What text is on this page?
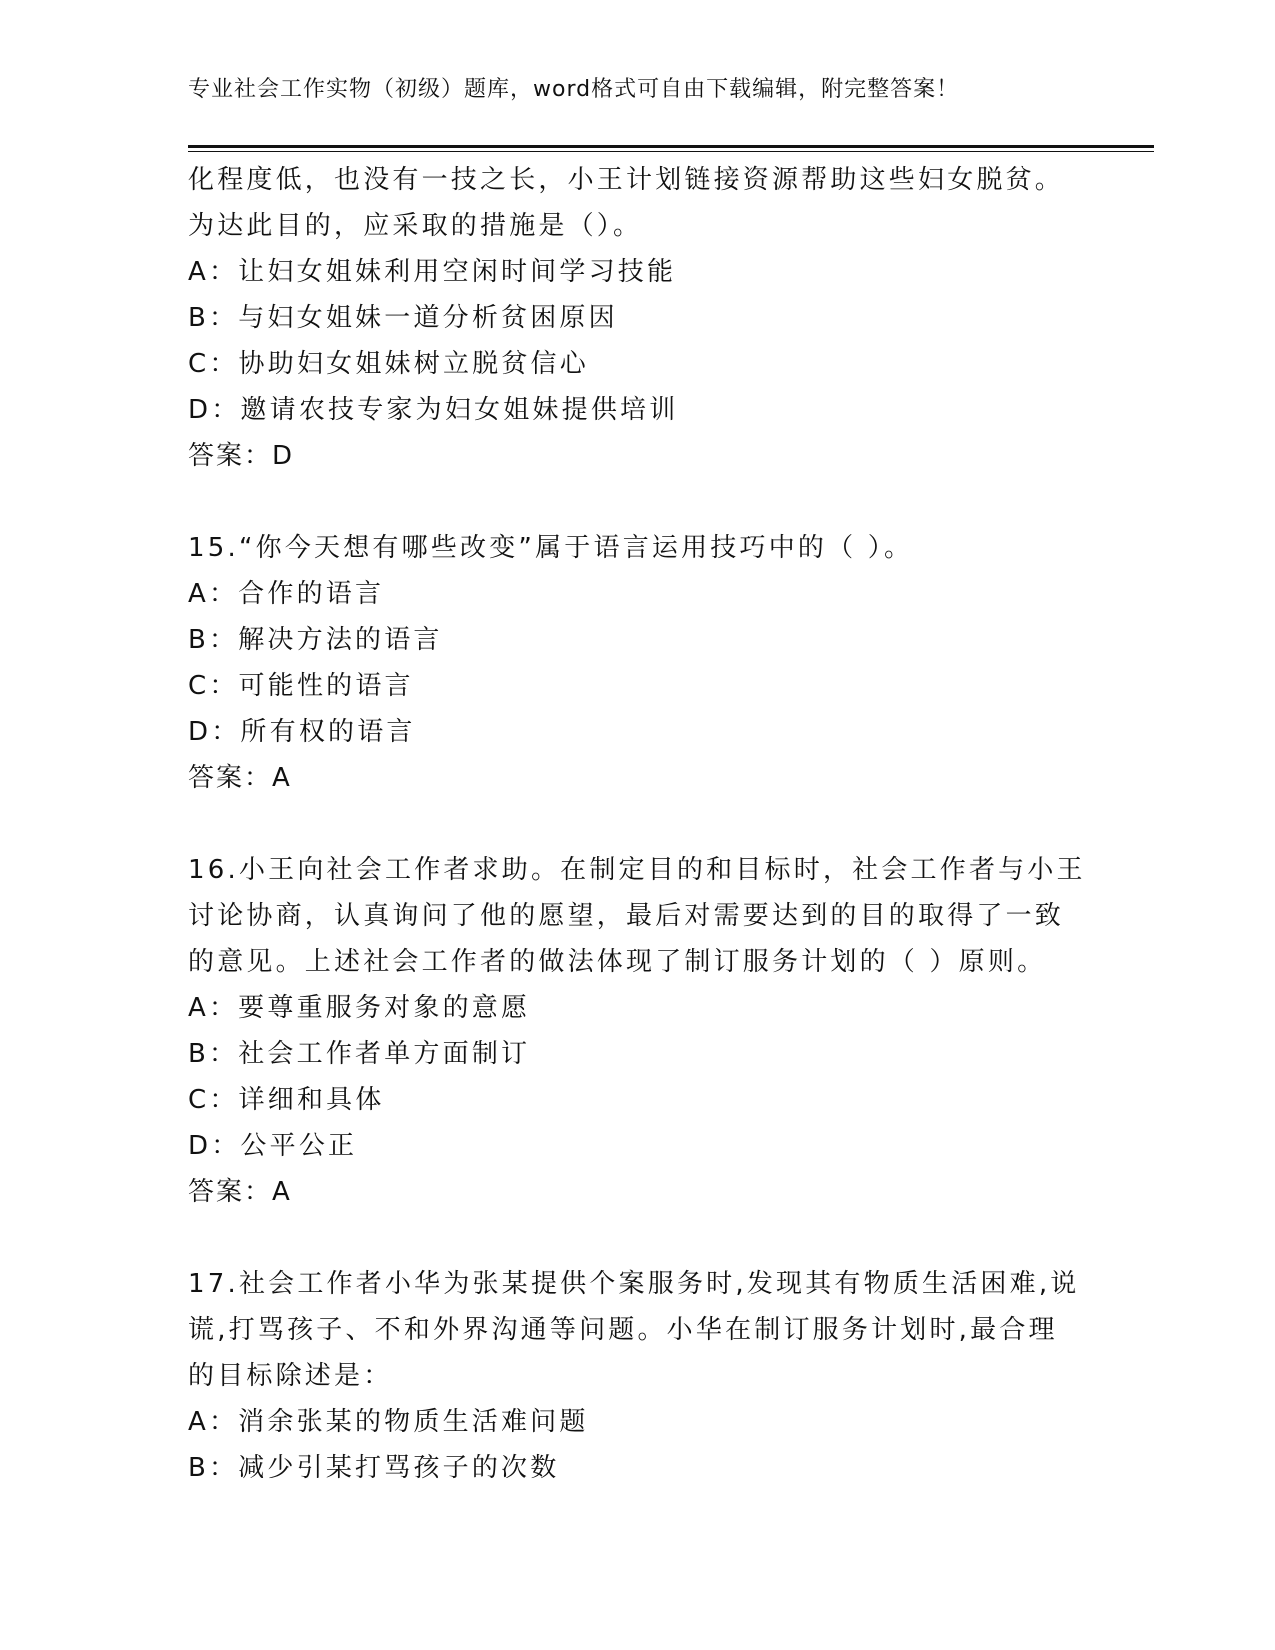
专业社会工作实物（初级）题库，word格式可自由下载编辑，附完整答案！
化程度低，也没有一技之长，小王计划链接资源帮助这些妇女脱贫。
为达此目的，应采取的措施是（）。
A：让妇女姐妹利用空闲时间学习技能
B：与妇女姐妹一道分析贫困原因
C：协助妇女姐妹树立脱贫信心
D：邀请农技专家为妇女姐妹提供培训
答案：D
15.“你今天想有哪些改变”属于语言运用技巧中的（ ）。
A：合作的语言
B：解决方法的语言
C：可能性的语言
D：所有权的语言
答案：A
16.小王向社会工作者求助。在制定目的和目标时，社会工作者与小王
讨论协商，认真询问了他的愿望，最后对需要达到的目的取得了一致
的意见。上述社会工作者的做法体现了制订服务计划的（ ）原则。
A：要尊重服务对象的意愿
B：社会工作者单方面制订
C：详细和具体
D：公平公正
答案：A
17.社会工作者小华为张某提供个案服务时,发现其有物质生活困难,说
谎,打骂孩子、不和外界沟通等问题。小华在制订服务计划时,最合理
的目标除述是：
A：消余张某的物质生活难问题
B：减少引某打骂孩子的次数
